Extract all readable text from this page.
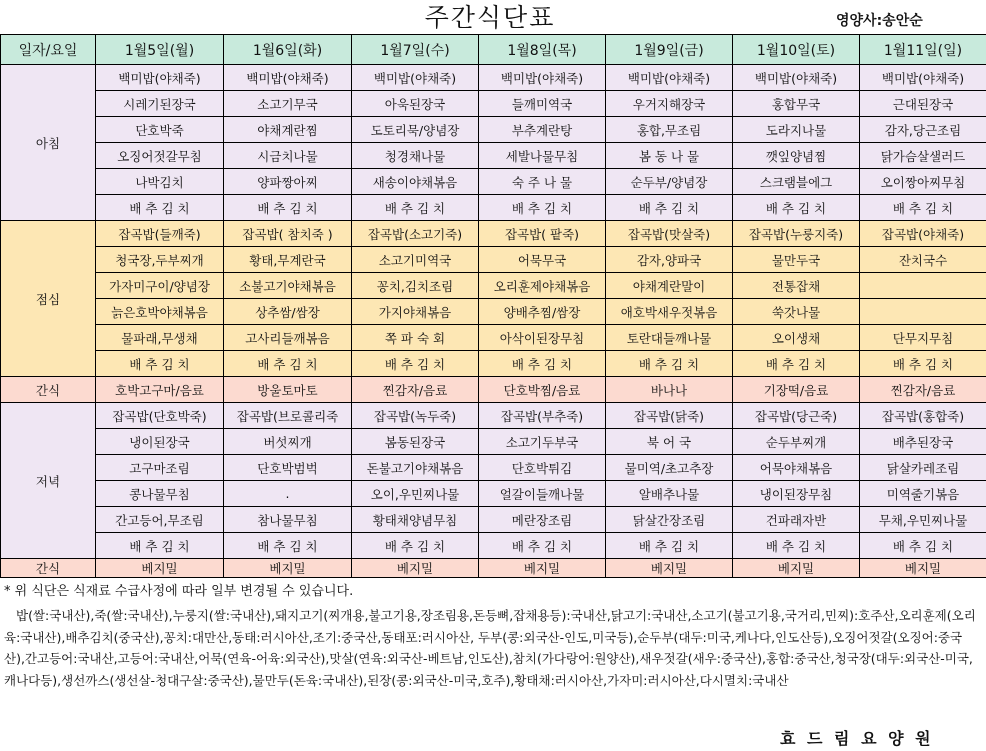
주간식단표	영양사:송안순
일자/요일	1월5일(월)	1월6일(화)	1월7일(수)	1월8일(목)	1월9일(금)	1월10일(토)	1월11일(일)
아침	백미밥(야채죽)	백미밥(야채죽)	백미밥(야채죽)	백미밥(야채죽)	백미밥(야채죽)	백미밥(야채죽)	백미밥(야채죽)
	시레기된장국	소고기무국	아욱된장국	들깨미역국	우거지해장국	홍합무국	근대된장국
	단호박죽	야채계란찜	도토리묵/양념장	부추계란탕	홍합,무조림	도라지나물	감자,당근조림
	오징어젓갈무침	시금치나물	청경채나물	세발나물무침	봄 동 나 물	깻잎양념찜	닭가슴살샐러드
	나박김치	양파짱아찌	새송이야채볶음	숙 주 나 물	순두부/양념장	스크램블에그	오이짱아찌무침
	배 추 김 치	배 추 김 치	배 추 김 치	배 추 김 치	배 추 김 치	배 추 김 치	배 추 김 치
점심	잡곡밥(들깨죽)	잡곡밥( 참치죽 )	잡곡밥(소고기죽)	잡곡밥( 팥죽)	잡곡밥(맛살죽)	잡곡밥(누룽지죽)	잡곡밥(야채죽)
	청국장,두부찌개	황태,무계란국	소고기미역국	어묵무국	감자,양파국	물만두국	잔치국수
	가자미구이/양념장	소불고기야채볶음	꽁치,김치조림	오리훈제야채볶음	야채계란말이	전통잡채	
	늙은호박야채볶음	상추쌈/쌈장	가지야채볶음	양배추찜/쌈장	애호박새우젓볶음	쑥갓나물	
	물파래,무생채	고사리들깨볶음	쪽 파 숙 회	아삭이된장무침	토란대들깨나물	오이생채	단무지무침
	배 추 김 치	배 추 김 치	배 추 김 치	배 추 김 치	배 추 김 치	배 추 김 치	배 추 김 치
간식	호박고구마/음료	방울토마토	찐감자/음료	단호박찜/음료	바나나	기장떡/음료	찐감자/음료
저녁	잡곡밥(단호박죽)	잡곡밥(브로콜리죽	잡곡밥(녹두죽)	잡곡밥(부추죽)	잡곡밥(닭죽)	잡곡밥(당근죽)	잡곡밥(홍합죽)
	냉이된장국	버섯찌개	봄동된장국	소고기두부국	북 어 국	순두부찌개	배추된장국
	고구마조림	단호박범벅	돈불고기야채볶음	단호박튀김	물미역/초고추장	어묵야채볶음	닭살카레조림
	콩나물무침	.	오이,우민찌나물	얼갈이들깨나물	알배추나물	냉이된장무침	미역줄기볶음
	간고등어,무조림	참나물무침	황태채양념무침	메란장조림	닭살간장조림	건파래자반	무채,우민찌나물
	배 추 김 치	배 추 김 치	배 추 김 치	배 추 김 치	배 추 김 치	배 추 김 치	배 추 김 치
간식	베지밀	베지밀	베지밀	베지밀	베지밀	베지밀	베지밀
* 위 식단은 식재료 수급사정에 따라 일부 변경될 수 있습니다.
밥(쌀:국내산),죽(쌀:국내산),누룽지(쌀:국내산),돼지고기(찌개용,불고기용,장조림용,돈등뼈,잡채용등):국내산,닭고기:국내산,소고기(불고기용,국거리,민찌):호주산,오리훈제(오리육:국내산),배추김치(중국산),꽁치:대만산,동태:러시아산,조기:중국산,동태포:러시아산, 두부(콩:외국산-인도,미국등),순두부(대두:미국,케나다,인도산등),오징어젓갈(오징어:중국산),간고등어:국내산,고등어:국내산,어묵(연육-어육:외국산),맛살(연육:외국산-베트남,인도산),참치(가다랑어:원양산),새우젓갈(새우:중국산),홍합:중국산,청국장(대두:외국산-미국,캐나다등),생선까스(생선살-청대구살:중국산),물만두(돈육:국내산),된장(콩:외국산-미국,호주),황태채:러시아산,가자미:러시아산,다시멸치:국내산
효 드 림 요 양 원
